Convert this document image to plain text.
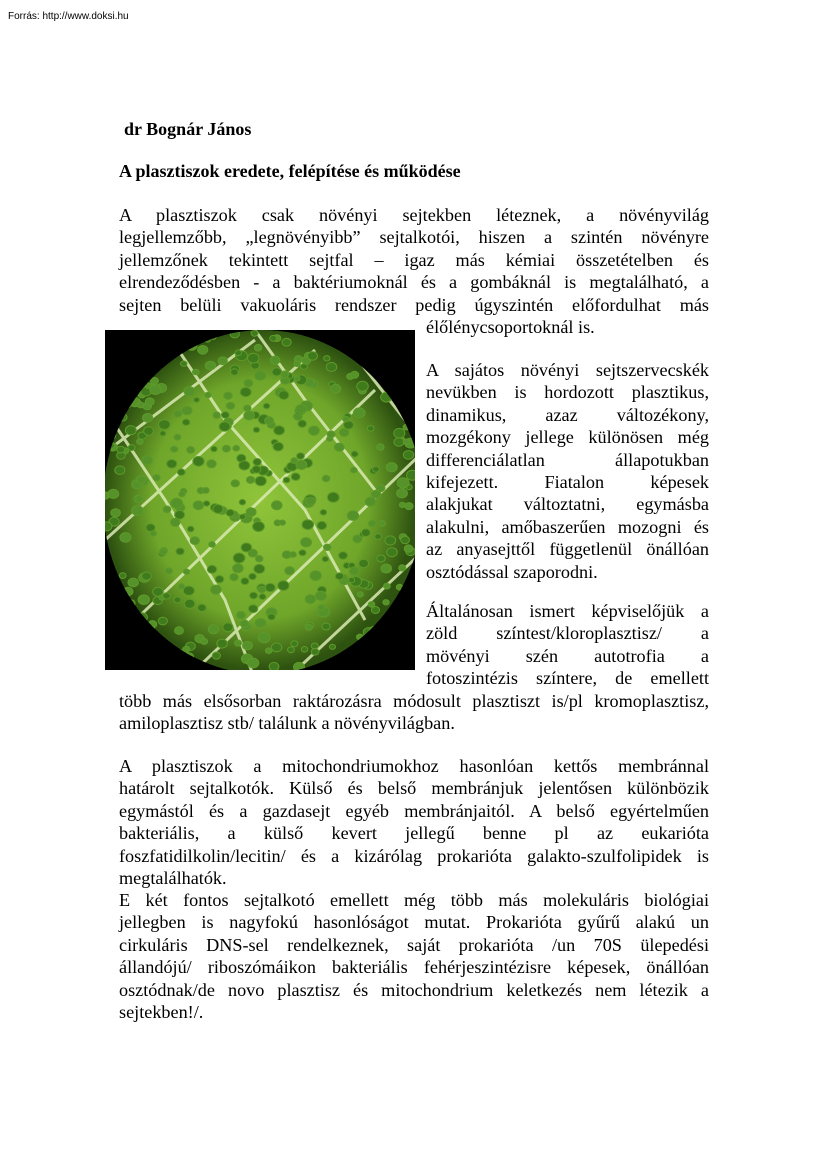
Forrás: http://www.doksi.hu
dr Bognár János
A plasztiszok eredete, felépítése és működése
A plasztiszok csak növényi sejtekben léteznek, a növényvilág
legjellemzőbb, „legnövényibb” sejtalkotói, hiszen a szintén növényre
jellemzőnek tekintett sejtfal – igaz más kémiai összetételben és
elrendeződésben - a baktériumoknál és a gombáknál is megtalálható, a
sejten belüli vakuoláris rendszer pedig úgyszintén előfordulhat más
élőlénycsoportoknál is.
A sajátos növényi sejtszervecskék
nevükben is hordozott plasztikus,
dinamikus, azaz változékony,
mozgékony jellege különösen még
differenciálatlan állapotukban
kifejezett. Fiatalon képesek
alakjukat változtatni, egymásba
alakulni, amőbaszerűen mozogni és
az anyasejttől függetlenül önállóan
osztódással szaporodni.
Általánosan ismert képviselőjük a
zöld színtest/kloroplasztisz/ a
mövényi szén autotrofia a
fotoszintézis színtere, de emellett
több más elsősorban raktározásra módosult plasztiszt is/pl kromoplasztisz,
amiloplasztisz stb/ találunk a növényvilágban.
A plasztiszok a mitochondriumokhoz hasonlóan kettős membránnal
határolt sejtalkotók. Külső és belső membránjuk jelentősen különbözik
egymástól és a gazdasejt egyéb membránjaitól. A belső egyértelműen
bakteriális, a külső kevert jellegű benne pl az eukarióta
foszfatidilkolin/lecitin/ és a kizárólag prokarióta galakto-szulfolipidek is
megtalálhatók.
E két fontos sejtalkotó emellett még több más molekuláris biológiai
jellegben is nagyfokú hasonlóságot mutat. Prokarióta gyűrű alakú un
cirkuláris DNS-sel rendelkeznek, saját prokarióta /un 70S ülepedési
állandójú/ riboszómáikon bakteriális fehérjeszintézisre képesek, önállóan
osztódnak/de novo plasztisz és mitochondrium keletkezés nem létezik a
sejtekben!/.
